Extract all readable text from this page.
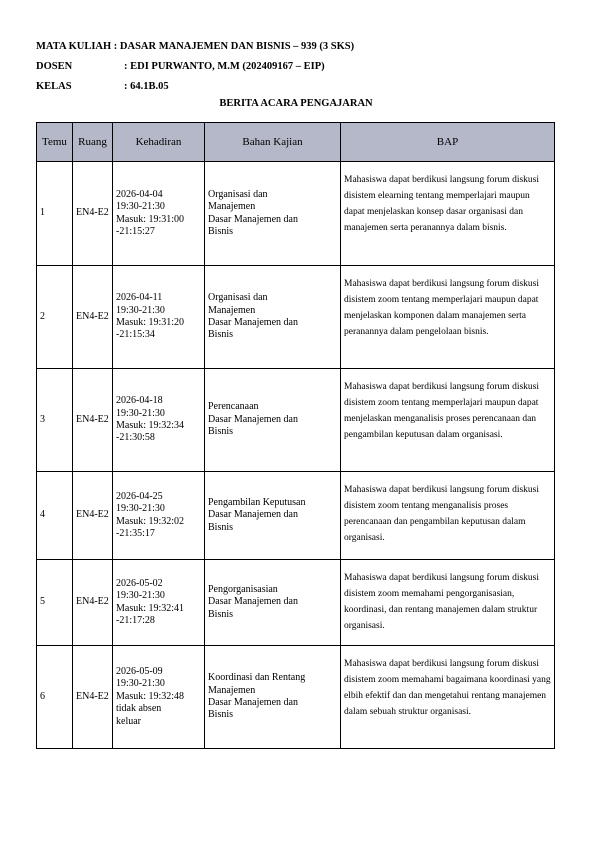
MATA KULIAH : DASAR MANAJEMEN DAN BISNIS – 939 (3 SKS)
DOSEN	: EDI PURWANTO, M.M (202409167 – EIP)
KELAS	: 64.1B.05
BERITA ACARA PENGAJARAN
Temu	Ruang	Kehadiran	Bahan Kajian	BAP
1	EN4-E2	2026-04-04
19:30-21:30
Masuk: 19:31:00
-21:15:27	Organisasi dan
Manajemen
Dasar Manajemen dan
Bisnis	Mahasiswa dapat berdikusi langsung forum diskusi disistem elearning tentang memperlajari maupun dapat menjelaskan konsep dasar organisasi dan manajemen serta peranannya dalam bisnis.
2	EN4-E2	2026-04-11
19:30-21:30
Masuk: 19:31:20
-21:15:34	Organisasi dan
Manajemen
Dasar Manajemen dan
Bisnis	Mahasiswa dapat berdikusi langsung forum diskusi disistem zoom tentang memperlajari maupun dapat menjelaskan komponen dalam manajemen serta peranannya dalam pengelolaan bisnis.
3	EN4-E2	2026-04-18
19:30-21:30
Masuk: 19:32:34
-21:30:58	Perencanaan
Dasar Manajemen dan
Bisnis	Mahasiswa dapat berdikusi langsung forum diskusi disistem zoom tentang memperlajari maupun dapat menjelaskan menganalisis proses perencanaan dan pengambilan keputusan dalam organisasi.
4	EN4-E2	2026-04-25
19:30-21:30
Masuk: 19:32:02
-21:35:17	Pengambilan Keputusan
Dasar Manajemen dan
Bisnis	Mahasiswa dapat berdikusi langsung forum diskusi disistem zoom tentang menganalisis proses perencanaan dan pengambilan keputusan dalam organisasi.
5	EN4-E2	2026-05-02
19:30-21:30
Masuk: 19:32:41
-21:17:28	Pengorganisasian
Dasar Manajemen dan
Bisnis	Mahasiswa dapat berdikusi langsung forum diskusi disistem zoom memahami pengorganisasian, koordinasi, dan rentang manajemen dalam struktur organisasi.
6	EN4-E2	2026-05-09
19:30-21:30
Masuk: 19:32:48
tidak absen
keluar	Koordinasi dan Rentang
Manajemen
Dasar Manajemen dan
Bisnis	Mahasiswa dapat berdikusi langsung forum diskusi disistem zoom memahami bagaimana koordinasi yang elbih efektif dan dan mengetahui rentang manajemen dalam sebuah struktur organisasi.
